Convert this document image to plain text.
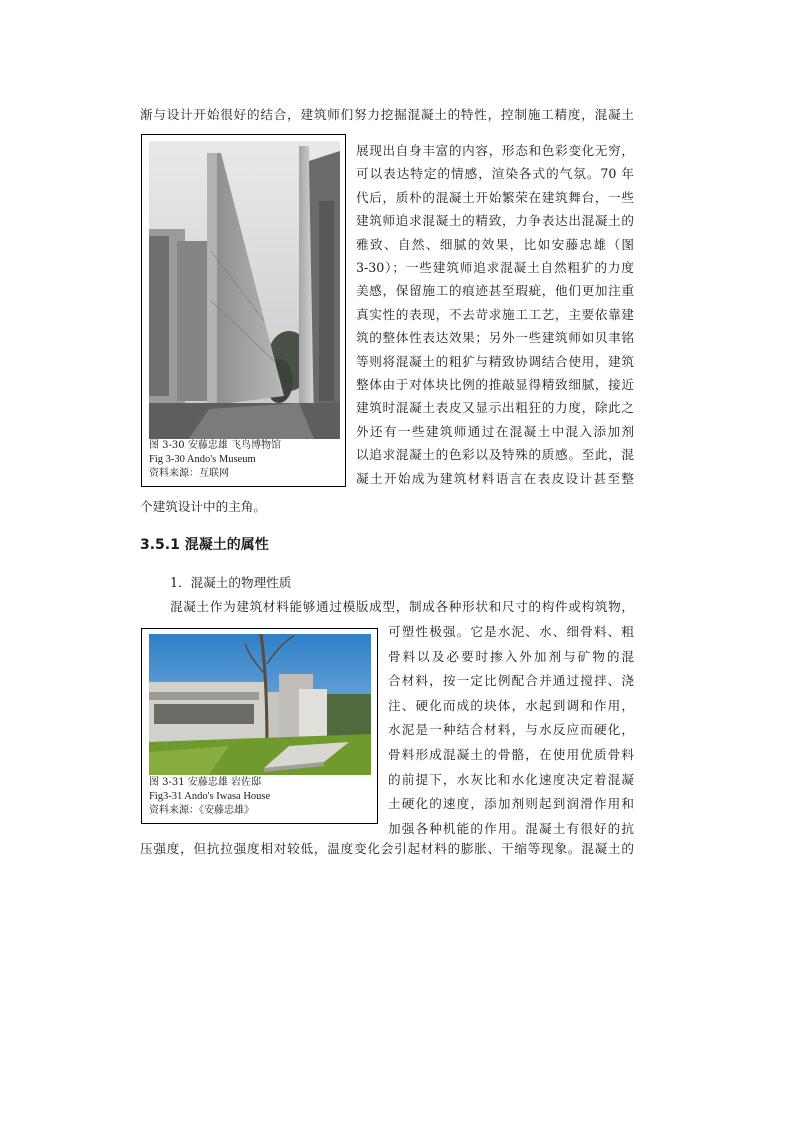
渐与设计开始很好的结合，建筑师们努力挖掘混凝土的特性，控制施工精度，混凝土
展现出自身丰富的内容，形态和色彩变化无穷，
可以表达特定的情感，渲染各式的气氛。70 年
代后，质朴的混凝土开始繁荣在建筑舞台，一些
建筑师追求混凝土的精致，力争表达出混凝土的
雅致、自然、细腻的效果，比如安藤忠雄（图
3-30）；一些建筑师追求混凝土自然粗犷的力度
美感，保留施工的痕迹甚至瑕疵，他们更加注重
真实性的表现，不去苛求施工工艺，主要依靠建
筑的整体性表达效果；另外一些建筑师如贝聿铭
等则将混凝土的粗犷与精致协调结合使用，建筑
整体由于对体块比例的推敲显得精致细腻，接近
建筑时混凝土表皮又显示出粗狂的力度，除此之
外还有一些建筑师通过在混凝土中混入添加剂
以追求混凝土的色彩以及特殊的质感。至此，混
凝土开始成为建筑材料语言在表皮设计甚至整
个建筑设计中的主角。
图 3-30 安藤忠雄 飞鸟博物馆
Fig 3-30 Ando's Museum
资料来源：互联网
3.5.1 混凝土的属性
1．混凝土的物理性质
混凝土作为建筑材料能够通过模版成型，制成各种形状和尺寸的构件或构筑物，
可塑性极强。它是水泥、水、细骨料、粗
骨料以及必要时掺入外加剂与矿物的混
合材料，按一定比例配合并通过搅拌、浇
注、硬化而成的块体，水起到调和作用，
水泥是一种结合材料，与水反应而硬化，
骨料形成混凝土的骨骼，在使用优质骨料
的前提下，水灰比和水化速度决定着混凝
土硬化的速度，添加剂则起到润滑作用和
加强各种机能的作用。混凝土有很好的抗
压强度，但抗拉强度相对较低，温度变化会引起材料的膨胀、干缩等现象。混凝土的
图 3-31 安藤忠雄 岩佐邸
Fig3-31 Ando's Iwasa House
资料来源：《安藤忠雄》
